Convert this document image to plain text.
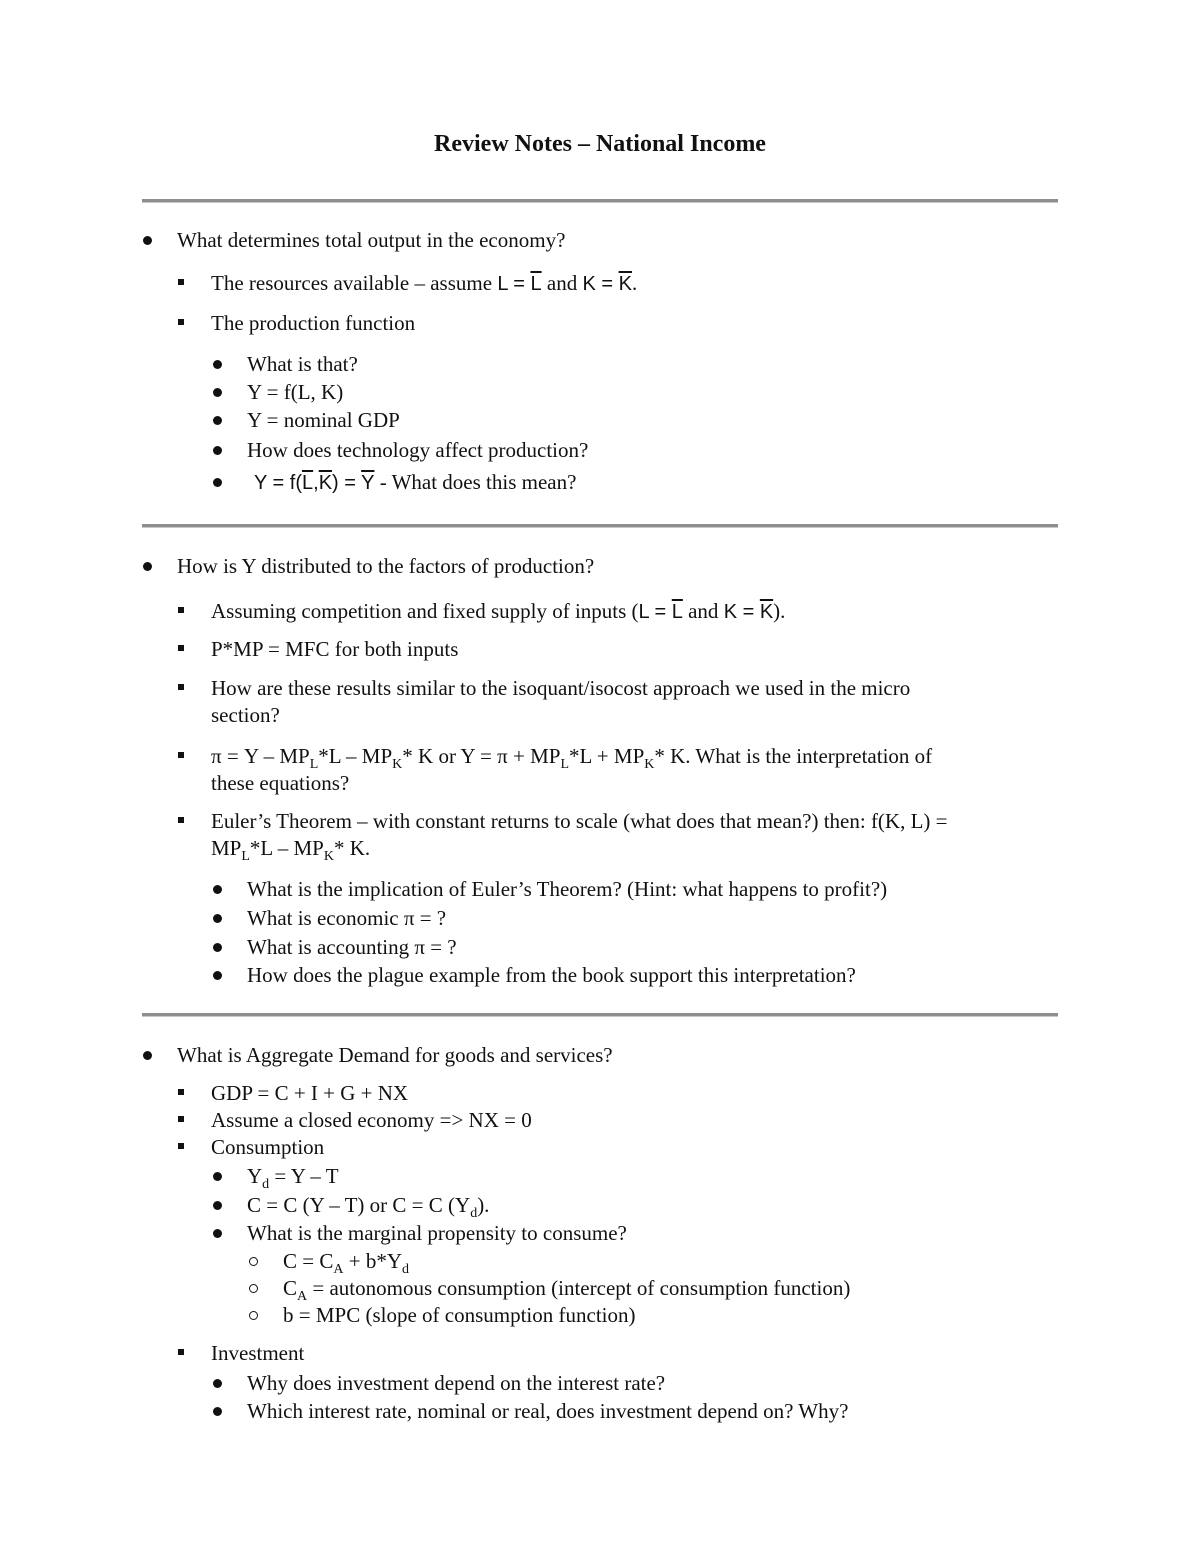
Review Notes – National Income
What determines total output in the economy?
The resources available – assume $L = \overline{L}$ and $K = \overline{K}$.
The production function
What is that?
Y = f(L, K)
Y = nominal GDP
How does technology affect production?
$Y = f(\overline{L},\overline{K}) = \overline{Y}$ - What does this mean?
How is Y distributed to the factors of production?
Assuming competition and fixed supply of inputs ($L = \overline{L}$ and $K = \overline{K}$).
P*MP = MFC for both inputs
How are these results similar to the isoquant/isocost approach we used in the micro
section?
$\pi = Y - MP_L*L - MP_K*$ K or $Y = \pi + MP_L*L + MP_K*$ K. What is the interpretation of
these equations?
Euler’s Theorem – with constant returns to scale (what does that mean?) then: f(K, L) =
$MP_L*L - MP_K*$ K.
What is the implication of Euler’s Theorem? (Hint: what happens to profit?)
What is economic π = ?
What is accounting π = ?
How does the plague example from the book support this interpretation?
What is Aggregate Demand for goods and services?
GDP = C + I + G + NX
Assume a closed economy => NX = 0
Consumption
$Y_d = Y - T$
C = C (Y – T) or C = C $(Y_d)$.
What is the marginal propensity to consume?
$C = C_A + b*Y_d$
$C_A$ = autonomous consumption (intercept of consumption function)
b = MPC (slope of consumption function)
Investment
Why does investment depend on the interest rate?
Which interest rate, nominal or real, does investment depend on? Why?
